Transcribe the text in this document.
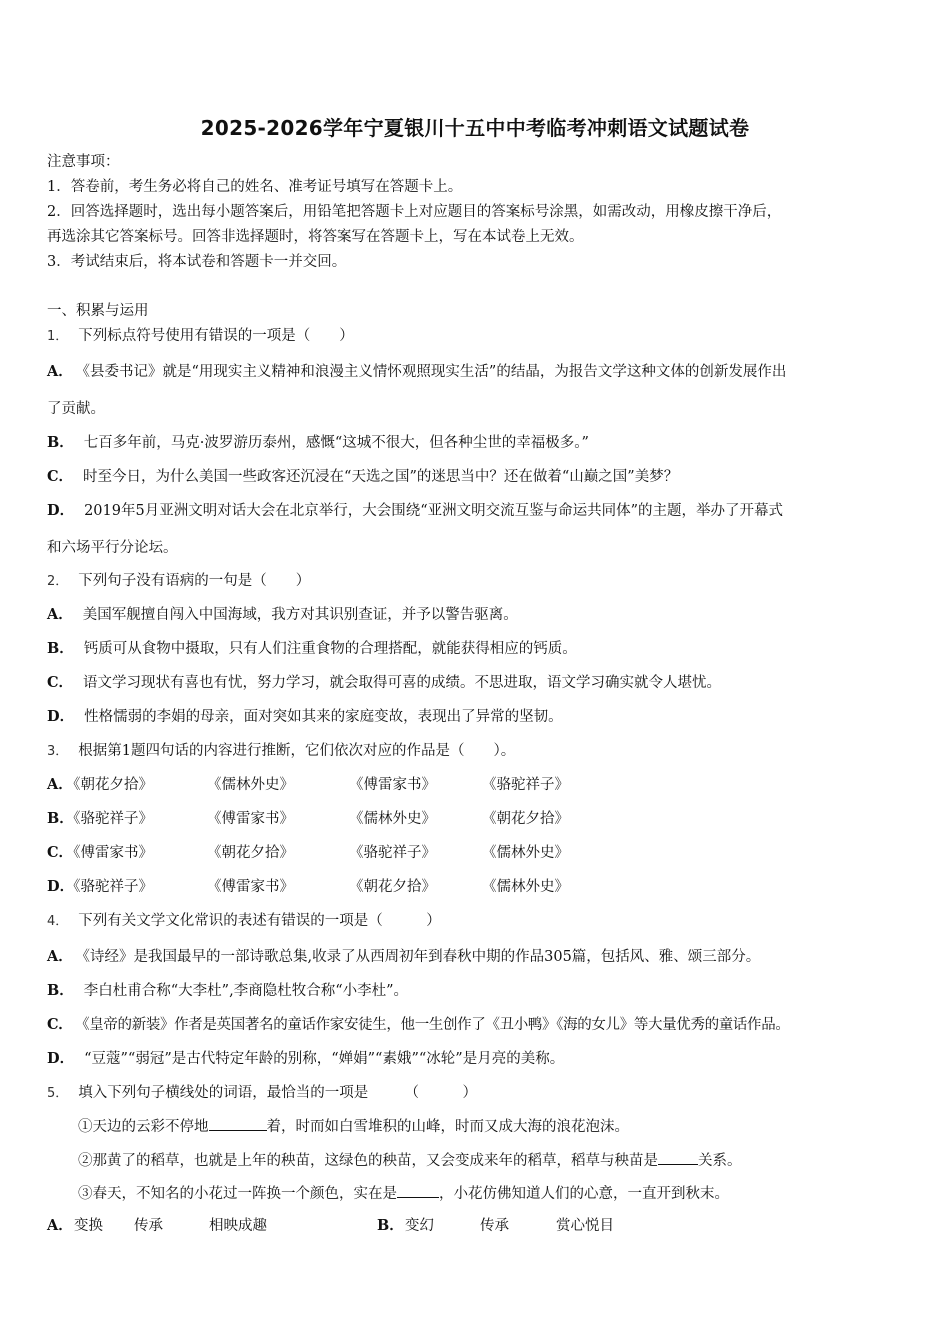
2025-2026学年宁夏银川十五中中考临考冲刺语文试题试卷
注意事项：
1．答卷前，考生务必将自己的姓名、准考证号填写在答题卡上。
2．回答选择题时，选出每小题答案后，用铅笔把答题卡上对应题目的答案标号涂黑，如需改动，用橡皮擦干净后，
再选涂其它答案标号。回答非选择题时，将答案写在答题卡上，写在本试卷上无效。
3．考试结束后，将本试卷和答题卡一并交回。
一、积累与运用
1． 下列标点符号使用有错误的一项是（　　）
A． 《县委书记》就是“用现实主义精神和浪漫主义情怀观照现实生活”的结晶，为报告文学这种文体的创新发展作出
了贡献。
B． 七百多年前，马克·波罗游历泰州，感慨“这城不很大，但各种尘世的幸福极多。”
C． 时至今日，为什么美国一些政客还沉浸在“天选之国”的迷思当中？还在做着“山巅之国”美梦？
D． 2019年5月亚洲文明对话大会在北京举行，大会围绕“亚洲文明交流互鉴与命运共同体”的主题，举办了开幕式
和六场平行分论坛。
2． 下列句子没有语病的一句是（　　）
A． 美国军舰擅自闯入中国海域，我方对其识别查证，并予以警告驱离。
B． 钙质可从食物中摄取，只有人们注重食物的合理搭配，就能获得相应的钙质。
C． 语文学习现状有喜也有忧，努力学习，就会取得可喜的成绩。不思进取，语文学习确实就令人堪忧。
D． 性格懦弱的李娟的母亲，面对突如其来的家庭变故，表现出了异常的坚韧。
3． 根据第1题四句话的内容进行推断，它们依次对应的作品是（　　）。
A．
《朝花夕拾》	《儒林外史》	《傅雷家书》	《骆驼祥子》
B．
《骆驼祥子》	《傅雷家书》	《儒林外史》	《朝花夕拾》
C．
《傅雷家书》	《朝花夕拾》	《骆驼祥子》	《儒林外史》
D．
《骆驼祥子》	《傅雷家书》	《朝花夕拾》	《儒林外史》
4． 下列有关文学文化常识的表述有错误的一项是（　　　）
A． 《诗经》是我国最早的一部诗歌总集,收录了从西周初年到春秋中期的作品305篇，包括风、雅、颂三部分。
B． 李白杜甫合称“大李杜”,李商隐杜牧合称“小李杜”。
C． 《皇帝的新装》作者是英国著名的童话作家安徒生，他一生创作了《丑小鸭》《海的女儿》等大量优秀的童话作品。
D． “豆蔻”“弱冠”是古代特定年龄的别称，“婵娟”“素娥”“冰轮”是月亮的美称。
5． 填入下列句子横线处的词语，最恰当的一项是　　　（　　　）
①天边的云彩不停地	着，时而如白雪堆积的山峰，时而又成大海的浪花泡沫。
②那黄了的稻草，也就是上年的秧苗，这绿色的秧苗，又会变成来年的稻草，稻草与秧苗是	关系。
③春天，不知名的小花过一阵换一个颜色，实在是	，小花仿佛知道人们的心意，一直开到秋末。
A． 变换 传承	相映成趣	B． 变幻	传承	赏心悦目
